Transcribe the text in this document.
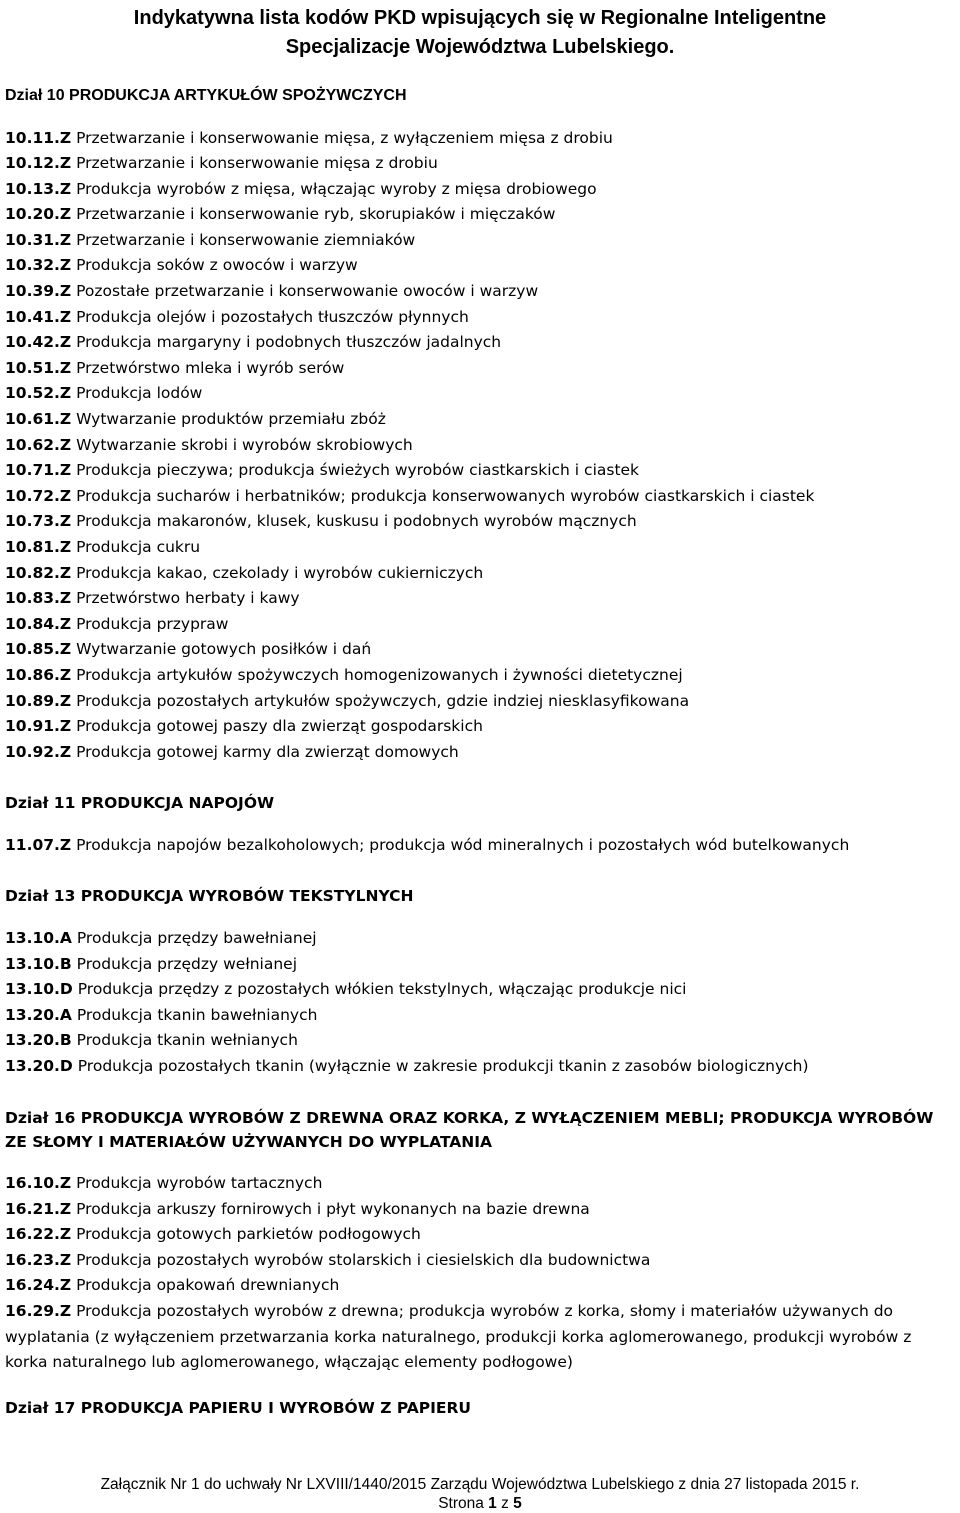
Indykatywna lista kodów PKD wpisujących się w Regionalne Inteligentne
Specjalizacje Województwa Lubelskiego.
Dział 10 PRODUKCJA ARTYKUŁÓW SPOŻYWCZYCH
10.11.Z Przetwarzanie i konserwowanie mięsa, z wyłączeniem mięsa z drobiu
10.12.Z Przetwarzanie i konserwowanie mięsa z drobiu
10.13.Z Produkcja wyrobów z mięsa, włączając wyroby z mięsa drobiowego
10.20.Z Przetwarzanie i konserwowanie ryb, skorupiaków i mięczaków
10.31.Z Przetwarzanie i konserwowanie ziemniaków
10.32.Z Produkcja soków z owoców i warzyw
10.39.Z Pozostałe przetwarzanie i konserwowanie owoców i warzyw
10.41.Z Produkcja olejów i pozostałych tłuszczów płynnych
10.42.Z Produkcja margaryny i podobnych tłuszczów jadalnych
10.51.Z Przetwórstwo mleka i wyrób serów
10.52.Z Produkcja lodów
10.61.Z Wytwarzanie produktów przemiału zbóż
10.62.Z Wytwarzanie skrobi i wyrobów skrobiowych
10.71.Z Produkcja pieczywa; produkcja świeżych wyrobów ciastkarskich i ciastek
10.72.Z Produkcja sucharów i herbatników; produkcja konserwowanych wyrobów ciastkarskich i ciastek
10.73.Z Produkcja makaronów, klusek, kuskusu i podobnych wyrobów mącznych
10.81.Z Produkcja cukru
10.82.Z Produkcja kakao, czekolady i wyrobów cukierniczych
10.83.Z Przetwórstwo herbaty i kawy
10.84.Z Produkcja przypraw
10.85.Z Wytwarzanie gotowych posiłków i dań
10.86.Z Produkcja artykułów spożywczych homogenizowanych i żywności dietetycznej
10.89.Z Produkcja pozostałych artykułów spożywczych, gdzie indziej niesklasyfikowana
10.91.Z Produkcja gotowej paszy dla zwierząt gospodarskich
10.92.Z Produkcja gotowej karmy dla zwierząt domowych
Dział 11 PRODUKCJA NAPOJÓW
11.07.Z Produkcja napojów bezalkoholowych; produkcja wód mineralnych i pozostałych wód butelkowanych
Dział 13 PRODUKCJA WYROBÓW TEKSTYLNYCH
13.10.A Produkcja przędzy bawełnianej
13.10.B Produkcja przędzy wełnianej
13.10.D Produkcja przędzy z pozostałych włókien tekstylnych, włączając produkcje nici
13.20.A Produkcja tkanin bawełnianych
13.20.B Produkcja tkanin wełnianych
13.20.D Produkcja pozostałych tkanin (wyłącznie w zakresie produkcji tkanin z zasobów biologicznych)
Dział 16 PRODUKCJA WYROBÓW Z DREWNA ORAZ KORKA, Z WYŁĄCZENIEM MEBLI; PRODUKCJA WYROBÓW ZE SŁOMY I MATERIAŁÓW UŻYWANYCH DO WYPLATANIA
16.10.Z Produkcja wyrobów tartacznych
16.21.Z Produkcja arkuszy fornirowych i płyt wykonanych na bazie drewna
16.22.Z Produkcja gotowych parkietów podłogowych
16.23.Z Produkcja pozostałych wyrobów stolarskich i ciesielskich dla budownictwa
16.24.Z Produkcja opakowań drewnianych
16.29.Z Produkcja pozostałych wyrobów z drewna; produkcja wyrobów z korka, słomy i materiałów używanych do wyplatania (z wyłączeniem przetwarzania korka naturalnego, produkcji korka aglomerowanego, produkcji wyrobów z korka naturalnego lub aglomerowanego, włączając elementy podłogowe)
Dział 17 PRODUKCJA PAPIERU I WYROBÓW Z PAPIERU
Załącznik Nr 1 do uchwały Nr LXVIII/1440/2015 Zarządu Województwa Lubelskiego z dnia 27 listopada 2015 r.
Strona 1 z 5
